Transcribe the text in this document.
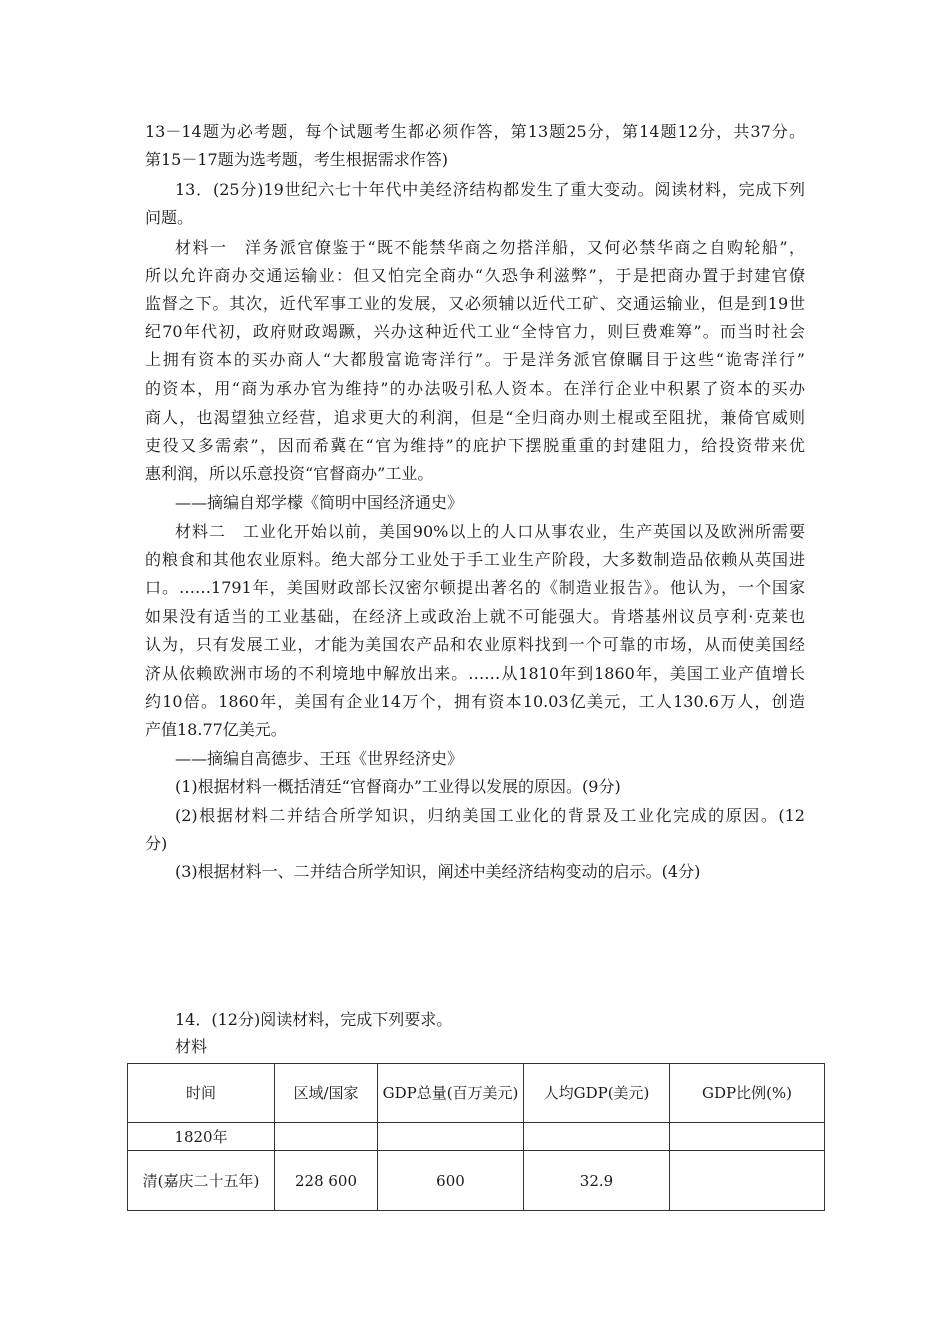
13－14题为必考题，每个试题考生都必须作答，第13题25分，第14题12分，共37分。
第15－17题为选考题，考生根据需求作答)
13．(25分)19世纪六七十年代中美经济结构都发生了重大变动。阅读材料，完成下列
问题。
材料一　洋务派官僚鉴于“既不能禁华商之勿搭洋船，又何必禁华商之自购轮船”，
所以允许商办交通运输业：但又怕完全商办“久恐争利滋弊”，于是把商办置于封建官僚
监督之下。其次，近代军事工业的发展，又必须辅以近代工矿、交通运输业，但是到19世
纪70年代初，政府财政竭蹶，兴办这种近代工业“全恃官力，则巨费难筹”。而当时社会
上拥有资本的买办商人“大都殷富诡寄洋行”。于是洋务派官僚瞩目于这些“诡寄洋行”
的资本，用“商为承办官为维持”的办法吸引私人资本。在洋行企业中积累了资本的买办
商人，也渴望独立经营，追求更大的利润，但是“全归商办则土棍或至阻扰，兼倚官威则
吏役又多需索”，因而希冀在“官为维持”的庇护下摆脱重重的封建阻力，给投资带来优
惠利润，所以乐意投资“官督商办”工业。
——摘编自郑学檬《简明中国经济通史》
材料二　工业化开始以前，美国90%以上的人口从事农业，生产英国以及欧洲所需要
的粮食和其他农业原料。绝大部分工业处于手工业生产阶段，大多数制造品依赖从英国进
口。……1791年，美国财政部长汉密尔顿提出著名的《制造业报告》。他认为，一个国家
如果没有适当的工业基础，在经济上或政治上就不可能强大。肯塔基州议员亨利·克莱也
认为，只有发展工业，才能为美国农产品和农业原料找到一个可靠的市场，从而使美国经
济从依赖欧洲市场的不利境地中解放出来。……从1810年到1860年，美国工业产值增长
约10倍。1860年，美国有企业14万个，拥有资本10.03亿美元，工人130.6万人，创造
产值18.77亿美元。
——摘编自高德步、王珏《世界经济史》
(1)根据材料一概括清廷“官督商办”工业得以发展的原因。(9分)
(2)根据材料二并结合所学知识，归纳美国工业化的背景及工业化完成的原因。(12
分)
(3)根据材料一、二并结合所学知识，阐述中美经济结构变动的启示。(4分)
14．(12分)阅读材料，完成下列要求。
材料
时间	区域/国家	GDP总量(百万美元)	人均GDP(美元)	GDP比例(%)
1820年				
清(嘉庆二十五年)	228 600	600	32.9	
